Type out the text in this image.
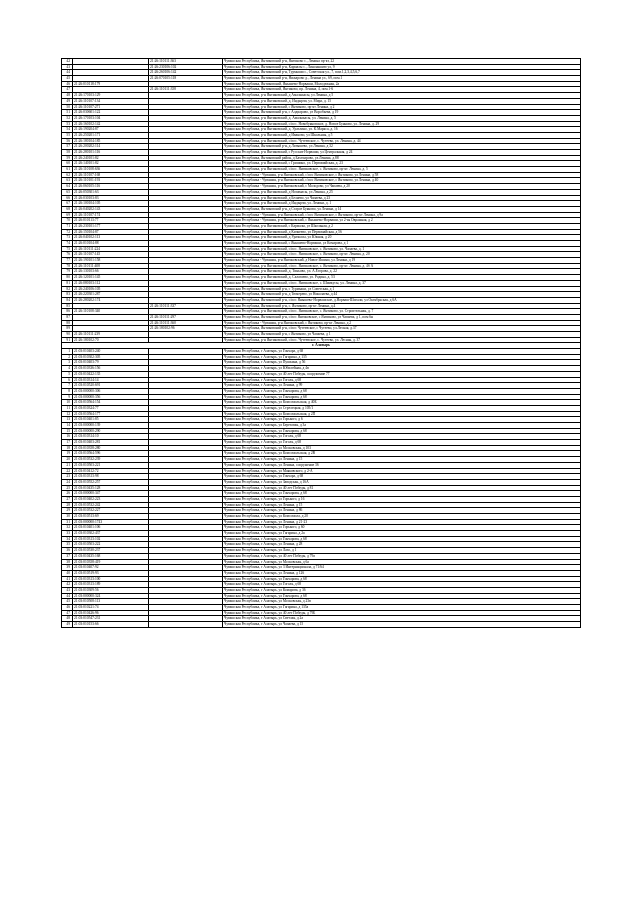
42		21:26:110111:363	Чувашская Республика, Янтиковский р-н, Янтиково с., Ленина пр-кт, 22
43		21:26:230106:102	Чувашская Республика, Янтиковский р-н, Кармалы с., Линоньшию ул, 9
44		21:26:260106:142	Чувашская Республика, Янтиковский р-н, Турмыши с., Советская ул., 7, пом.1,2,3,4,5,6,7
45		21:26:070105:118	Чувашская Республика, Янтиковский р-н, Нижарово д., Ленина ул., 69, пом.1
46	21:26:010118:179		Чувашская Республика, Янтиковский, Янышево-Норваши, Молодежная, 2а
47		21:26:110111:358	Чувашская Республика, Янтиковский, Янтиково, пр. Ленина, 4, пом.1-6
48	21:26:170103:129		Чувашская Республика, р-н Янтиковский, д Амалыкасы, ул Ленина, д 5
49	21:26:110107:134		Чувашская Республика, р-н Янтиковский, д. Индырчи, ул. Мира, д. 15
50	21:26:110107:271		Чувашская Республика, р-н Янтиковский, с Янтиково, пр-кт Ленина, д 2
51	21:26:030601:122		Чувашская Республика, Янтиковский р-н, с Алдиарово, ул Воробьева, д 19
52	21:26:170103:104		Чувашская Республика, р-н Янтиковский, д. Амалыкасы, ул. Ленина, д. 5
53	21:26:160102:142		Чувашская Республика, р-н Янтиковский, с/пос. Новобуяновское, д. Новое Буяново, ул. Ленина, д. 29
54	21:26:190204:87		Чувашская Республика, р-н Янтиковский, д. Уразлино, ул. К.Маркса, д. 16
55	21:26:250201:171		Чувашская Республика, р-н Янтиковский, д Иваново, ул Школьная, д 5
56	21:26:180104:185		Чувашская Республика, р-н Янтиковский, с/пос. Чутеевское, с. Чутеево, ул. Ленина, д. 44
57	21:26:200202:114		Чувашская Республика, Янтиковский р-н, д Латышево, ул Ленина, д 32
58	21:26:280101:116		Чувашская Республика, р-н Янтиковский, с Русские Норваши, ул Центральная, д 24
59	21:26:240101:82		Чувашская Республика, Янтиковский район, д Бахтиарово, ул.Ленина, д.88
60	21:26:140101:82		Чувашская Республика, р-н Янтиковский, с Гришино, ул. Первомайская, д. 23
61	21:26:110108:636		Чувашская Республика, р-н Янтиковский, с/пос. Янтиковское, с. Янтиково, пр-кт. Ленина, д. 5
62	21:26:110107:168		Чувашская Республика - Чувашия, р-н Янтиковский, с/пос Янтиковское, с Янтиково, ул Ленина, д 58
63	21:26:110101:193		Чувашская Республика - Чувашия, р-н Янтиковский, с/пос Янтиковское, с Янтиково, ул Ленина, д 40
64	21:26:060105:116		Чувашская Республика - Чувашия, р-н Янтиковский, с Молодово, ул Чапаева, д 20
65	21:26:050301:63		Чувашская Республика, р-н Янтиковский, д Нопамасы, ул Ленина, д 25
66	21:26:030103:83		Чувашская Республика, р-н Янтиковский, д Беляево, ул Чапаева, д 23
67	21:26:100104:105		Чувашская Республика, р-н Янтиковский, д Индырчи, ул. Ленина, д. 1
68	21:26:040202:143		Чувашская Республика, Янтиковский р-н, д Старое Буяново, ул Ленина, д 14
69	21:26:110107:174		Чувашская Республика - Чувашия, р-н Янтиковский, с/пос Янтиковское, с Янтиково, пр-кт Ленина, д 9а
70	21:26:010113:77		Чувашская Республика - Чувашия, р-н Янтиковский, с Янышево-Норваши, ул 2-ая Овражная, д 2
71	21:26:230101:177		Чувашская Республика, р-н Янтиковский, с Кармалы, ул Школьная, д 2
72	21:26:150104:87		Чувашская Республика, р-н Янтиковский, д Кичкеево, ул Первомайская, д 56
73	21:26:040102:113		Чувашская Республика, р-н Янтиковский, д Уразкасы, ул Южная, д 20
74	21:26:010104:88		Чувашская Республика, р-н Янтиковский, с Янышево-Норваши, ул Комарова, д 1
75	21:26:110111:224		Чувашская Республика, р-н Янтиковский, с/пос. Янтиковское, с. Янтиково, ул. Чапаева, д. 1
76	21:26:110107:145		Чувашская Республика, р-н Янтиковский, с/пос. Янтиковское, с. Янтиково, пр-кт. Ленина, д. 20
77	21:26:190101:158		Чувашская Республика - Чувашия, р-н Янтиковский, д Новое Ишино, ул Ленина, д 19
78	21:26:110111:408		Чувашская Республика, р-н Янтиковский, с/пос. Янтиковское, с. Янтиково, пр-кт. Ленина, д. 4б А
79	21:26:130103:66		Чувашская Республика, р-н Янтиковский, д. Тиньово, ул. А.Егорова, д. 22
80	21:26:120101:145		Чувашская Республика, р-н Янтиковский, д. Салагаево, ул. Родина, д. 53
81	21:26:080103:112		Чувашская Республика, р-н Янтиковский, с/пос. Янтиковское, с. Шимкусы, ул. Ленина, д. 37
82	21:26:240106:105		Чувашская Республика, Янтиковский р-н, с Турмыши, ул Советская, д 1
83	21:26:220301:287		Чувашская Республика, Янтиковский р-н, д Тюмерево, ул Николаева, д 44
84	21:26:280202:174		Чувашская Республика, Янтиковский р-н, с/пос Янышево-Норвашское, д.Норваш-Шигали, ул Октябрьская, д 6А
85		21:26:110111:337	Чувашская Республика, Янтиковский р-н, с. Янтиково, пр-кт Ленина, д.4
86	21:26:110108:340		Чувашская Республика, р-н Янтиковский, с/пос. Янтиковское, с. Янтиково, ул. Строительная, д. 7
87		21:26:110111:297	Чувашская Республика, Янтиковский р-н, с/пос Янтиковское, с Янтиково, ул Чапаева, д 1, пом 6н
88		21:26:110111:360	Чувашская Республика - Чувашия, р-н Янтиковский, с Янтиково, пр-кт Ленина, д 2
89		21:26:180102:96	Чувашская Республика, Янтиковский р-н, с/пос Чутеевское, с Чутеево, ул.Лесная, д.37
90	21:26:110111:239		Чувашская Республика, Янтиковский р-н, с Янтиково, ул Чапаева, д 1
91	21:26:180102:70		Чувашская Республика, р-н Янтиковский, с/пос. Чутеевское, с. Чутеево, ул. Лесная, д. 37
г. Алатырь			
1	21:03:010403:240		Чувашская Республика, г Алатырь, ул Гончара, д 68
2	21:03:010302:305		Чувашская Республика, г Алатырь, ул Гагарина, д 135
3	21:03:010403:79		Чувашская Республика, г Алатырь, ул Пушкина, д 56
4	21:03:010336:156		Чувашская Республика, г Алатырь, ул Юбилейная, д 4в
5	21:03:010422:135		Чувашская Республика, г Алатырь, ул 40 лет Победы, сооружение 77
6	21:03:010314:14		Чувашская Республика, г Алатырь, ул Гоголя, д 68
7	21:03:010520:691		Чувашская Республика, г Алатырь, ул Ленина, д 99
8	21:03:000000:306		Чувашская Республика, г Алатырь, ул Гончарова, д 68
9	21:03:000000:356		Чувашская Республика, г Алатырь, ул Гончарова, д 68
10	21:03:010564:154		Чувашская Республика, г Алатырь, ул Комсомольская, д 40Б
11	21:03:010324:77		Чувашская Республика, г Алатырь, ул Стрелецкая, д 105/1
12	21:03:010564:177		Чувашская Республика, г Алатырь, ул Комсомольская, д 2П
13	21:03:010401:85		Чувашская Республика, г Алатырь, ул Горького, д 6
14	21:03:000000:139		Чувашская Республика, г Алатырь, ул Березовая, д 3а
15	21:03:000000:290		Чувашская Республика, г Алатырь, ул Гончарова, д 68
16	21:03:010314:10		Чувашская Республика, г Алатырь, ул Гоголя, д 68
17	21:03:010403:281		Чувашская Республика, г Алатырь, ул Гоголя, д 68
18	21:03:010358:280		Чувашская Республика, г Алатырь, ул Московская, д 103
19	21:03:010564:596		Чувашская Республика, г Алатырь, ул Комсомольская, д 2В
20	21:03:010532:239		Чувашская Республика, г Алатырь, ул Ленина, д 15
21	21:03:010503:221		Чувашская Республика, г Алатырь, ул Ленина, сооружение 36
22	21:03:010412:72		Чувашская Республика, г Алатырь, ул Маяковского, д 2-А
23	21:03:010313:98		Чувашская Республика, г Алатырь, ул Гончара, д 68
24	21:03:010552:257		Чувашская Республика, г Алатырь, ул Заводская, д 16А
25	21:03:010435:128		Чувашская Республика, г Алатырь, ул 40 лет Победы, д 81
26	21:03:000000:347		Чувашская Республика, г Алатырь, ул Гончарова, д 68
27	21:03:010402:223		Чувашская Республика, г Алатырь, ул Горького, д 16
28	21:03:010532:242		Чувашская Республика, г Алатырь, ул Ленина, д 15
29	21:03:010532:227		Чувашская Республика, г Алатырь, ул Ленина, д 86
30	21:03:010513:69		Чувашская Республика, г Алатырь, ул Комсомола, д 20
31	21:03:000000:1743		Чувашская Республика, г Алатырь, ул Ленина, д 21-23
32	21:03:010401:106		Чувашская Республика, г Алатырь, ул Горького, д 60
33	21:03:010302:437		Чувашская Республика, г Алатырь, ул Гагарина, д 2а
34	21:03:010313:102		Чувашская Республика, г Алатырь, ул Гончарова, д 68
35	21:03:010503:222		Чувашская Республика, г Алатырь, ул Ленина, д 28
36	21:03:010530:237		Чувашская Республика, г Алатырь, ул Лазо, д 1
37	21:03:010435:168		Чувашская Республика, г Алатырь, ул 40 лет Победы, д 79а
38	21:03:010358:419		Чувашская Республика, г Алатырь, ул Московская, д 6а
39	21:03:010407:92		Чувашская Республика, г Алатырь, ул 3 Интернационала, д 71/64
40	21:03:010519:93		Чувашская Республика, г Алатырь, ул Ленина, д 126
41	21:03:010313:100		Чувашская Республика, г Алатырь, ул Гончарова, д 68
42	21:03:010313:189		Чувашская Республика, г Алатырь, ул Гоголя, д 68
43	21:03:010309:56		Чувашская Республика, г Алатырь, ул Комарова, д 36
44	21:03:000000:324		Чувашская Республика, г Алатырь, ул Гончарова, д 68
45	21:03:010508:113		Чувашская Республика, г Алатырь, ул Московская, д 23в
46	21:03:010221:74		Чувашская Республика, г Алатырь, ул Гагарина, д 135а
47	21:03:010426:96		Чувашская Республика, г Алатырь, ул 40 лет Победы, д 79Б
48	21:03:010547:231		Чувашская Республика, г Алатырь, ул Светлая, д 2а
49	21:03:010153:66		Чувашская Республика, г Алатырь, ул Чапаева, д 15
